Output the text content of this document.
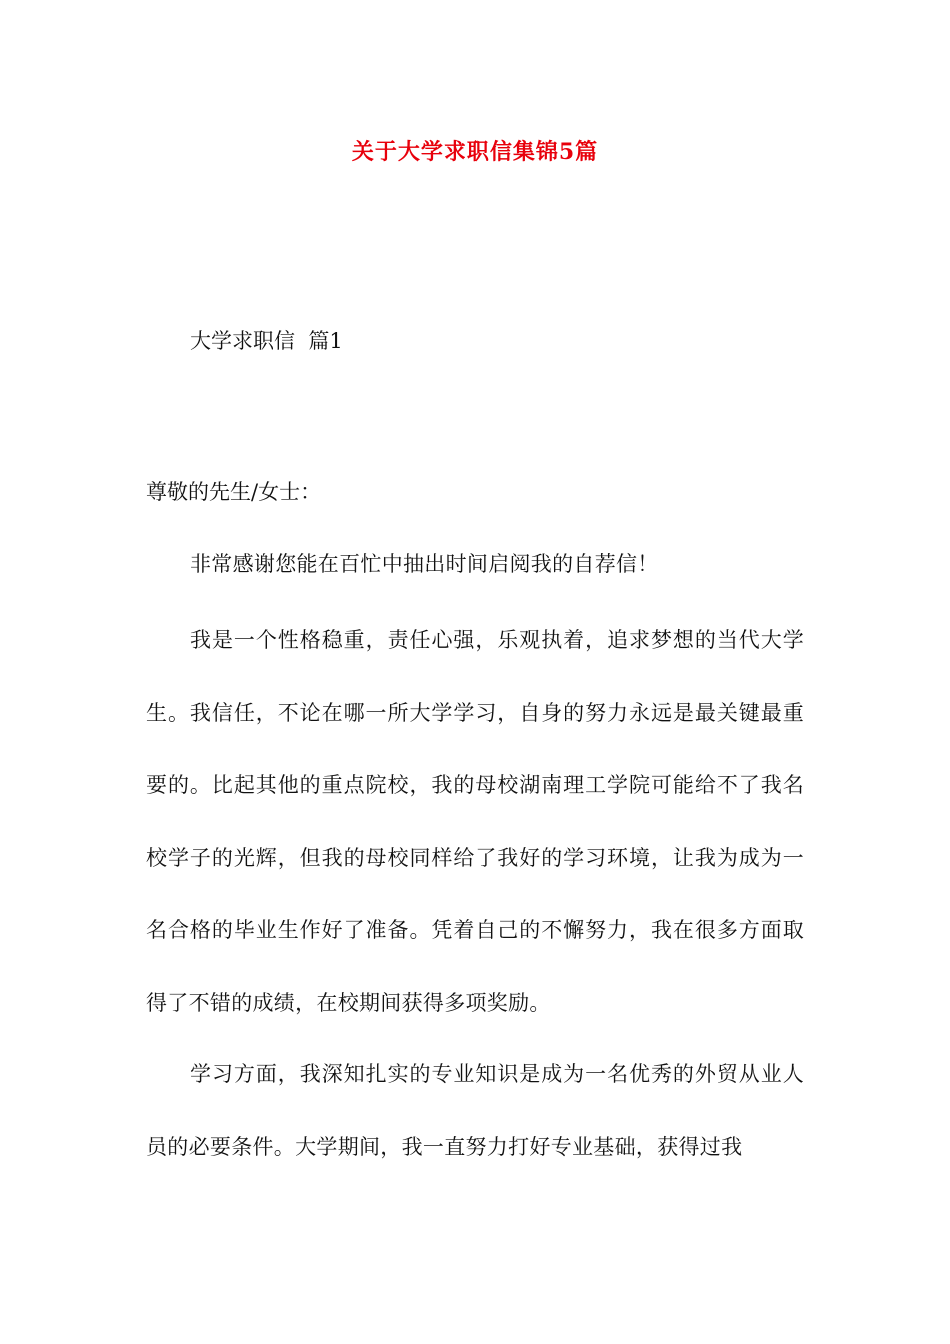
关于大学求职信集锦5篇

大学求职信  篇1

尊敬的先生/女士：

非常感谢您能在百忙中抽出时间启阅我的自荐信！

我是一个性格稳重，责任心强，乐观执着，追求梦想的当代大学生。我信任，不论在哪一所大学学习，自身的努力永远是最关键最重要的。比起其他的重点院校，我的母校湖南理工学院可能给不了我名校学子的光辉，但我的母校同样给了我好的学习环境，让我为成为一名合格的毕业生作好了准备。凭着自己的不懈努力，我在很多方面取得了不错的成绩，在校期间获得多项奖励。

学习方面，我深知扎实的专业知识是成为一名优秀的外贸从业人员的必要条件。大学期间，我一直努力打好专业基础，获得过我
